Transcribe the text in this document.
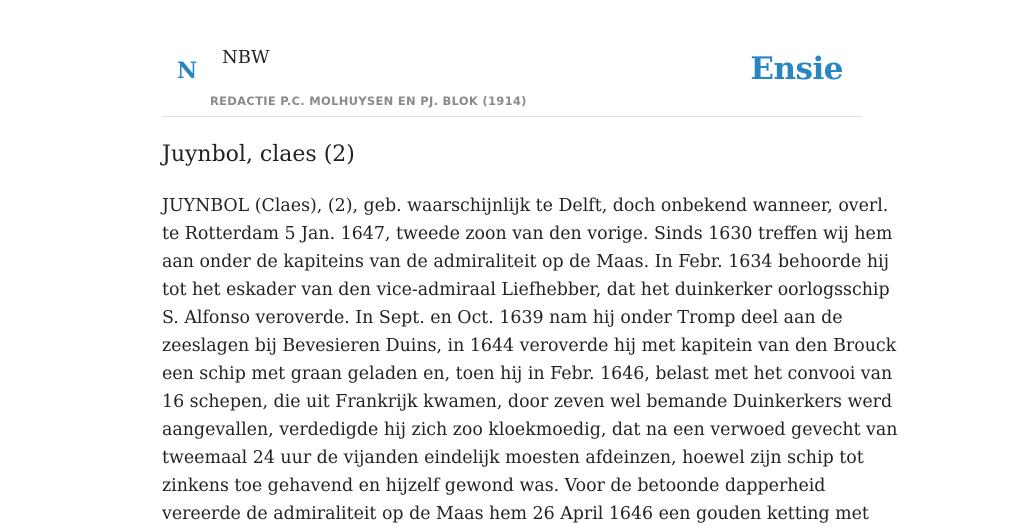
N
NBW
REDACTIE P.C. MOLHUYSEN EN PJ. BLOK (1914)
Ensie
Juynbol, claes (2)

JUYNBOL (Claes), (2), geb. waarschijnlijk te Delft, doch onbekend wanneer, overl.
te Rotterdam 5 Jan. 1647, tweede zoon van den vorige. Sinds 1630 treffen wij hem
aan onder de kapiteins van de admiraliteit op de Maas. In Febr. 1634 behoorde hij
tot het eskader van den vice-admiraal Liefhebber, dat het duinkerker oorlogsschip
S. Alfonso veroverde. In Sept. en Oct. 1639 nam hij onder Tromp deel aan de
zeeslagen bij Bevesieren Duins, in 1644 veroverde hij met kapitein van den Brouck
een schip met graan geladen en, toen hij in Febr. 1646, belast met het convooi van
16 schepen, die uit Frankrijk kwamen, door zeven wel bemande Duinkerkers werd
aangevallen, verdedigde hij zich zoo kloekmoedig, dat na een verwoed gevecht van
tweemaal 24 uur de vijanden eindelijk moesten afdeinzen, hoewel zijn schip tot
zinkens toe gehavend en hijzelf gewond was. Voor de betoonde dapperheid
vereerde de admiraliteit op de Maas hem 26 April 1646 een gouden ketting met
